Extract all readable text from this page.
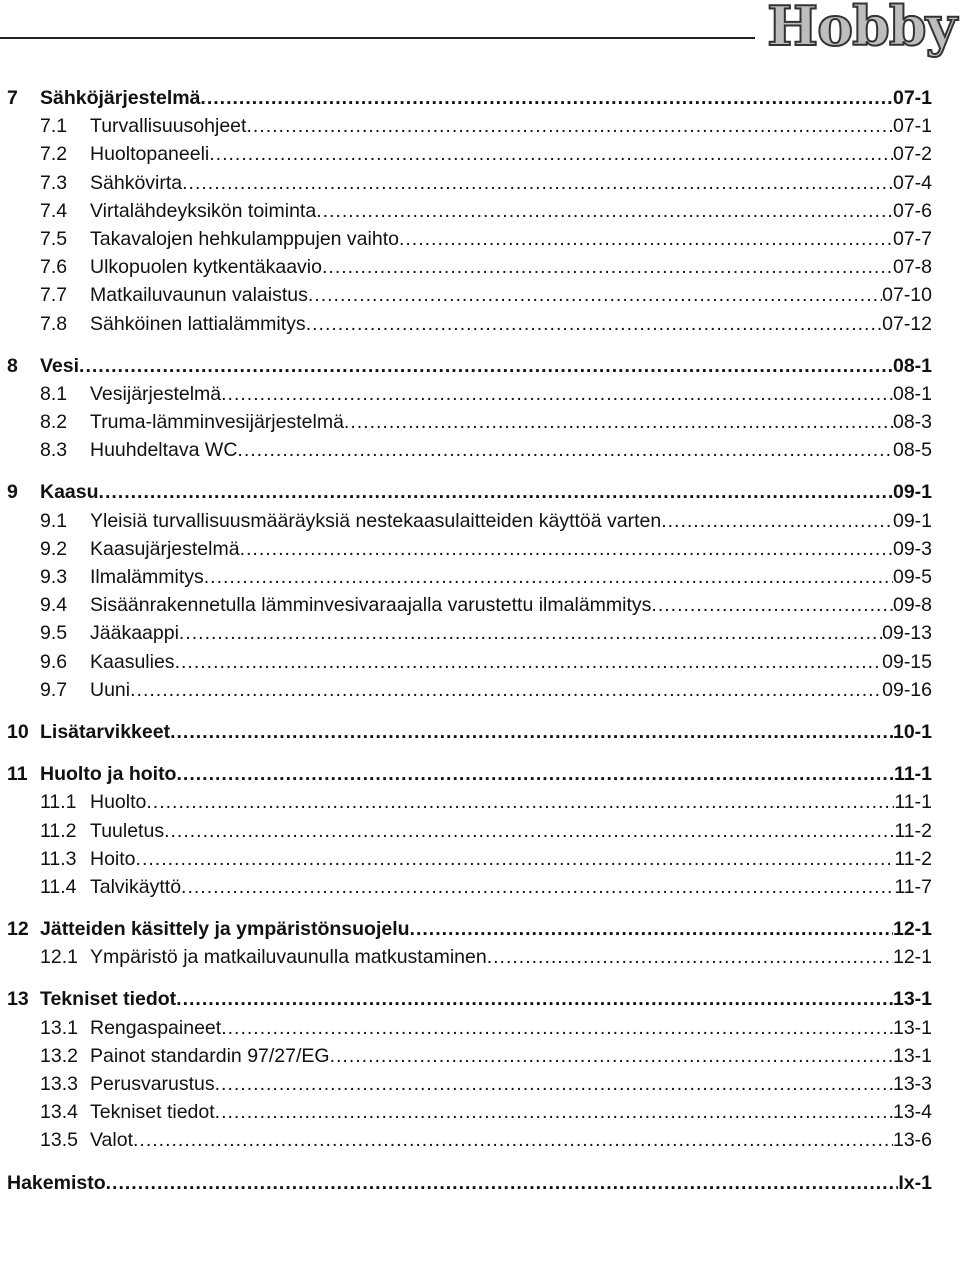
Hobby
7 Sähköjärjestelmä .....	07-1
7.1 Turvallisuusohjeet .....	07-1
7.2 Huoltopaneeli .....	07-2
7.3 Sähkövirta .....	07-4
7.4 Virtalähdeyksikön toiminta .....	07-6
7.5 Takavalojen hehkulamppujen vaihto .....	07-7
7.6 Ulkopuolen kytkentäkaavio .....	07-8
7.7 Matkailuvaunun valaistus .....	07-10
7.8 Sähköinen lattialämmitys .....	07-12
8 Vesi .....	08-1
8.1 Vesijärjestelmä .....	08-1
8.2 Truma-lämminvesijärjestelmä .....	08-3
8.3 Huuhdeltava WC .....	08-5
9 Kaasu .....	09-1
9.1 Yleisiä turvallisuusmääräyksiä nestekaasulaitteiden käyttöä varten .....	09-1
9.2 Kaasujärjestelmä .....	09-3
9.3 Ilmalämmitys .....	09-5
9.4 Sisäänrakennetulla lämminvesivaraajalla varustettu ilmalämmitys .....	09-8
9.5 Jääkaappi .....	09-13
9.6 Kaasulies .....	09-15
9.7 Uuni .....	09-16
10 Lisätarvikkeet .....	10-1
11 Huolto ja hoito .....	11-1
11.1 Huolto .....	11-1
11.2 Tuuletus .....	11-2
11.3 Hoito .....	11-2
11.4 Talvikäyttö .....	11-7
12 Jätteiden käsittely ja ympäristönsuojelu .....	12-1
12.1 Ympäristö ja matkailuvaunulla matkustaminen .....	12-1
13 Tekniset tiedot .....	13-1
13.1 Rengaspaineet .....	13-1
13.2 Painot standardin 97/27/EG .....	13-1
13.3 Perusvarustus .....	13-3
13.4 Tekniset tiedot .....	13-4
13.5 Valot .....	13-6
Hakemisto .....	Ix-1
